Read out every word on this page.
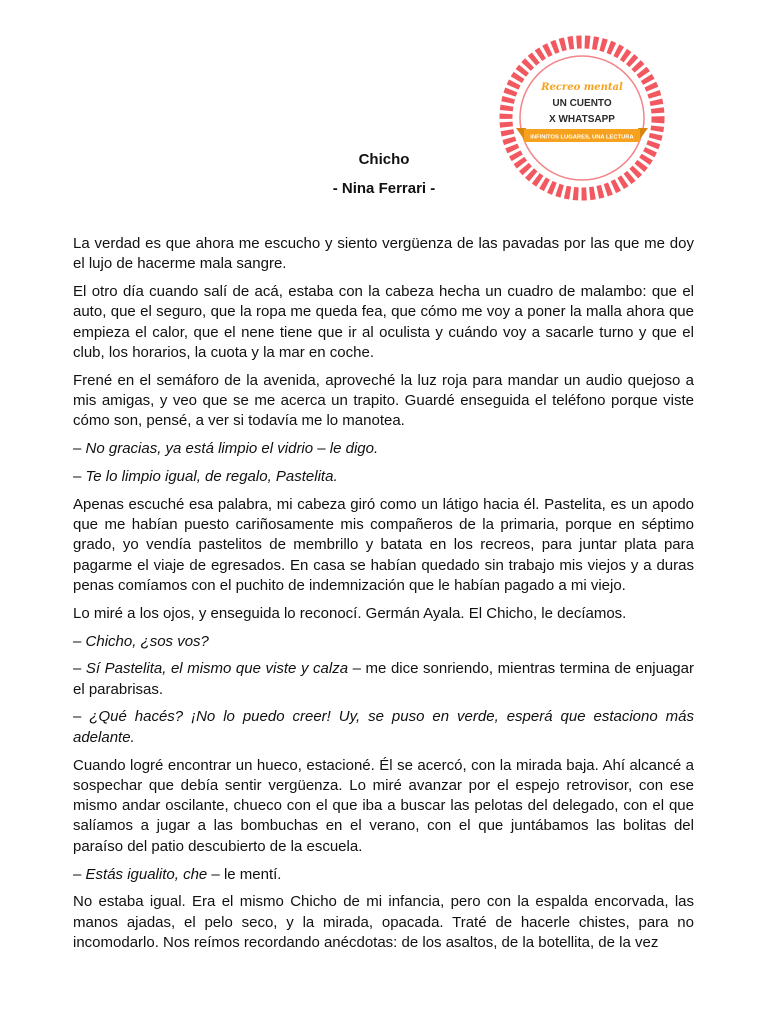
Recreo mental
UN CUENTO
X WHATSAPP
INFINITOS LUGARES, UNA LECTURA
Chicho
- Nina Ferrari -

La verdad es que ahora me escucho y siento vergüenza de las pavadas por las que me doy el lujo de hacerme mala sangre.

El otro día cuando salí de acá, estaba con la cabeza hecha un cuadro de malambo: que el auto, que el seguro, que la ropa me queda fea, que cómo me voy a poner la malla ahora que empieza el calor, que el nene tiene que ir al oculista y cuándo voy a sacarle turno y que el club, los horarios, la cuota y la mar en coche.

Frené en el semáforo de la avenida, aproveché la luz roja para mandar un audio quejoso a mis amigas, y veo que se me acerca un trapito. Guardé enseguida el teléfono porque viste cómo son, pensé, a ver si todavía me lo manotea.

– No gracias, ya está limpio el vidrio – le digo.

– Te lo limpio igual, de regalo, Pastelita.

Apenas escuché esa palabra, mi cabeza giró como un látigo hacia él. Pastelita, es un apodo que me habían puesto cariñosamente mis compañeros de la primaria, porque en séptimo grado, yo vendía pastelitos de membrillo y batata en los recreos, para juntar plata para pagarme el viaje de egresados. En casa se habían quedado sin trabajo mis viejos y a duras penas comíamos con el puchito de indemnización que le habían pagado a mi viejo.

Lo miré a los ojos, y enseguida lo reconocí. Germán Ayala. El Chicho, le decíamos.

– Chicho, ¿sos vos?

– Sí Pastelita, el mismo que viste y calza – me dice sonriendo, mientras termina de enjuagar el parabrisas.

– ¿Qué hacés? ¡No lo puedo creer! Uy, se puso en verde, esperá que estaciono más adelante.

Cuando logré encontrar un hueco, estacioné. Él se acercó, con la mirada baja. Ahí alcancé a sospechar que debía sentir vergüenza. Lo miré avanzar por el espejo retrovisor, con ese mismo andar oscilante, chueco con el que iba a buscar las pelotas del delegado, con el que salíamos a jugar a las bombuchas en el verano, con el que juntábamos las bolitas del paraíso del patio descubierto de la escuela.

– Estás igualito, che – le mentí.

No estaba igual. Era el mismo Chicho de mi infancia, pero con la espalda encorvada, las manos ajadas, el pelo seco, y la mirada, opacada. Traté de hacerle chistes, para no incomodarlo. Nos reímos recordando anécdotas: de los asaltos, de la botellita, de la vez
